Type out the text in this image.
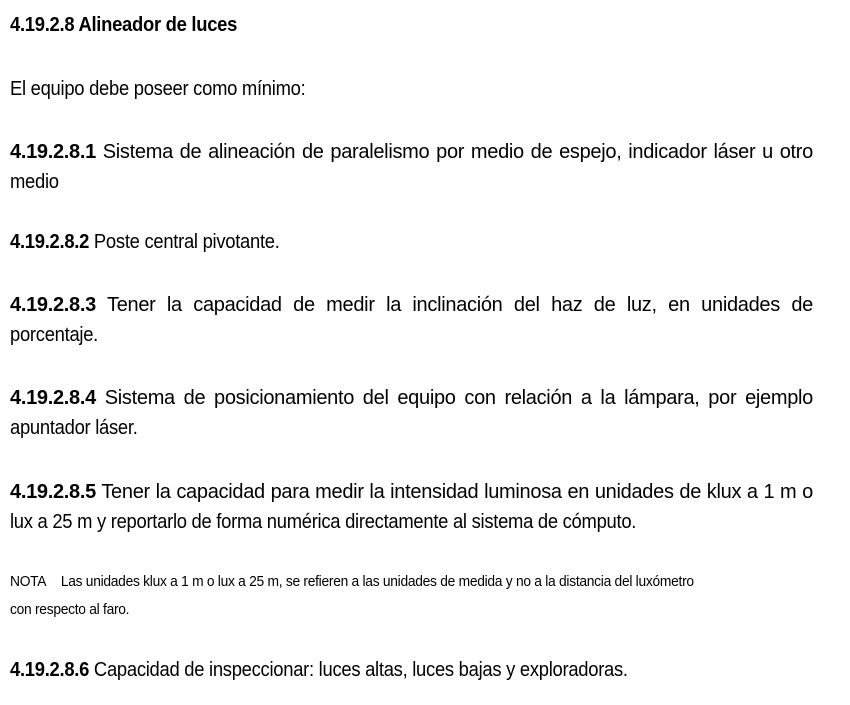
4.19.2.8 Alineador de luces
El equipo debe poseer como mínimo:
4.19.2.8.1 Sistema de alineación de paralelismo por medio de espejo, indicador láser u otro
medio
4.19.2.8.2 Poste central pivotante.
4.19.2.8.3 Tener la capacidad de medir la inclinación del haz de luz, en unidades de
porcentaje.
4.19.2.8.4 Sistema de posicionamiento del equipo con relación a la lámpara, por ejemplo
apuntador láser.
4.19.2.8.5 Tener la capacidad para medir la intensidad luminosa en unidades de klux a 1 m o
lux a 25 m y reportarlo de forma numérica directamente al sistema de cómputo.
NOTA Las unidades klux a 1 m o lux a 25 m, se refieren a las unidades de medida y no a la distancia del luxómetro
con respecto al faro.
4.19.2.8.6 Capacidad de inspeccionar: luces altas, luces bajas y exploradoras.
